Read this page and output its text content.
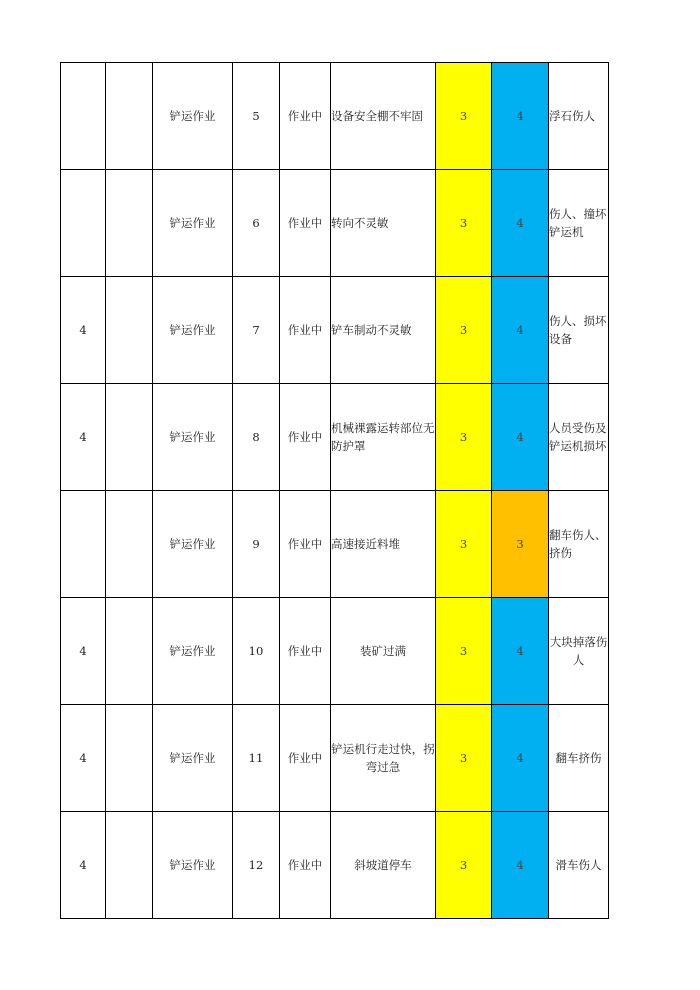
		铲运作业	5	作业中	设备安全棚不牢固	3	4	浮石伤人
		铲运作业	6	作业中	转向不灵敏	3	4	伤人、撞坏铲运机
4		铲运作业	7	作业中	铲车制动不灵敏	3	4	伤人、损坏设备
4		铲运作业	8	作业中	机械裸露运转部位无防护罩	3	4	人员受伤及铲运机损坏
		铲运作业	9	作业中	高速接近料堆	3	3	翻车伤人、挤伤
4		铲运作业	10	作业中	装矿过满	3	4	大块掉落伤人
4		铲运作业	11	作业中	铲运机行走过快，拐弯过急	3	4	翻车挤伤
4		铲运作业	12	作业中	斜坡道停车	3	4	滑车伤人
